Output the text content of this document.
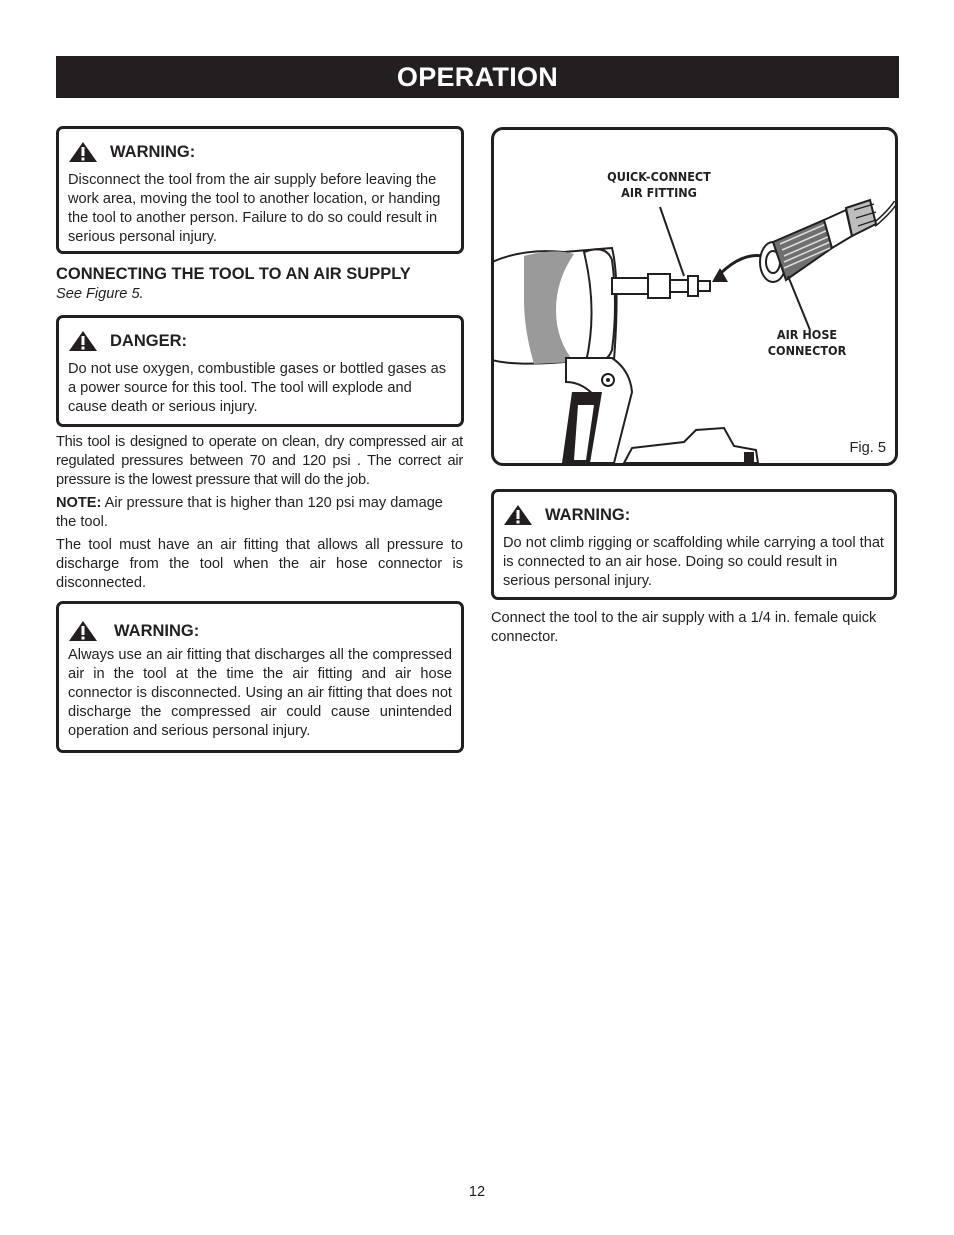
OPERATION
WARNING:
Disconnect the tool from the air supply before leaving the work area, moving the tool to another location, or handing the tool to another person. Failure to do so could result in serious personal injury.
CONNECTING THE TOOL TO AN AIR SUPPLY
See Figure 5.
DANGER:
Do not use oxygen, combustible gases or bottled gases as a power source for this tool. The tool will explode and cause death or serious injury.
This tool is designed to operate on clean, dry compressed air at regulated pressures between 70 and 120 psi . The correct air pressure is the lowest pressure that will do the job.
NOTE: Air pressure that is higher than 120 psi may damage the tool.
The tool must have an air fitting that allows all pressure to discharge from the tool when the air hose connector is disconnected.
WARNING:
Always use an air fitting that discharges all the compressed air in the tool at the time the air fitting and air hose connector is disconnected. Using an air fitting that does not discharge the compressed air could cause unintended operation and serious personal injury.
QUICK-CONNECT
AIR FITTING
AIR HOSE
CONNECTOR
Fig. 5
WARNING:
Do not climb rigging or scaffolding while carrying a tool that is connected to an air hose. Doing so could result in serious personal injury.
Connect the tool to the air supply with a 1/4 in. female quick connector.
12
